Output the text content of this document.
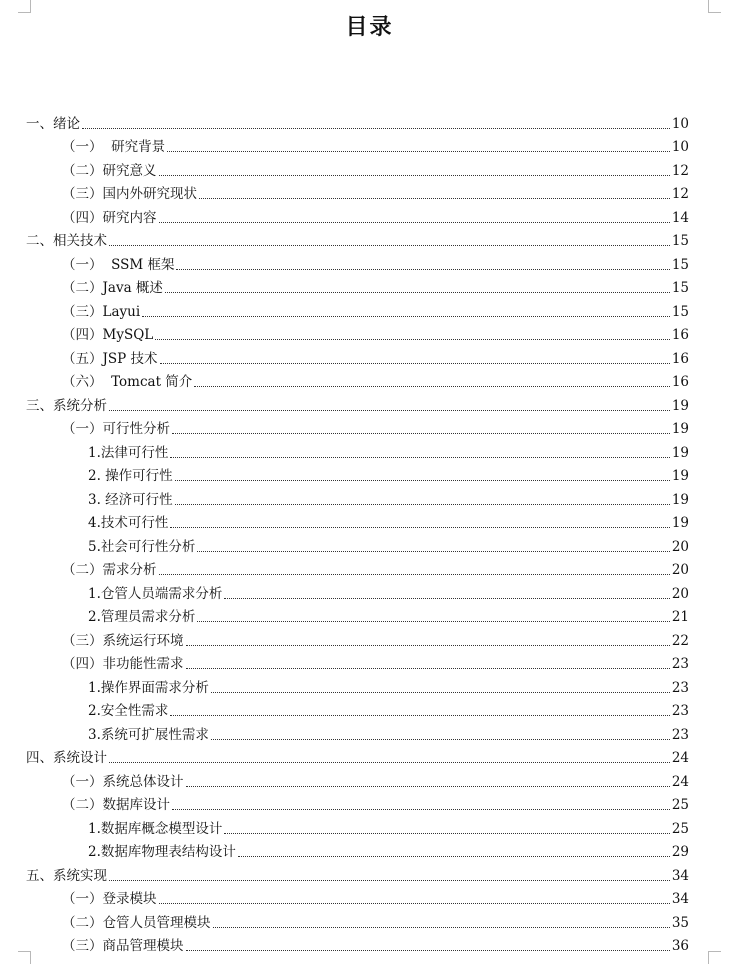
目录
一、绪论	10
（一）  研究背景	10
（二）研究意义	12
（三）国内外研究现状	12
（四）研究内容	14
二、相关技术	15
（一）  SSM 框架	15
（二）Java 概述	15
（三）Layui	15
（四）MySQL	16
（五）JSP 技术	16
（六）  Tomcat 简介	16
三、系统分析	19
（一）可行性分析	19
1.法律可行性	19
2. 操作可行性	19
3. 经济可行性	19
4.技术可行性	19
5.社会可行性分析	20
（二）需求分析	20
1.仓管人员端需求分析	20
2.管理员需求分析	21
（三）系统运行环境	22
（四）非功能性需求	23
1.操作界面需求分析	23
2.安全性需求	23
3.系统可扩展性需求	23
四、系统设计	24
（一）系统总体设计	24
（二）数据库设计	25
1.数据库概念模型设计	25
2.数据库物理表结构设计	29
五、系统实现	34
（一）登录模块	34
（二）仓管人员管理模块	35
（三）商品管理模块	36
